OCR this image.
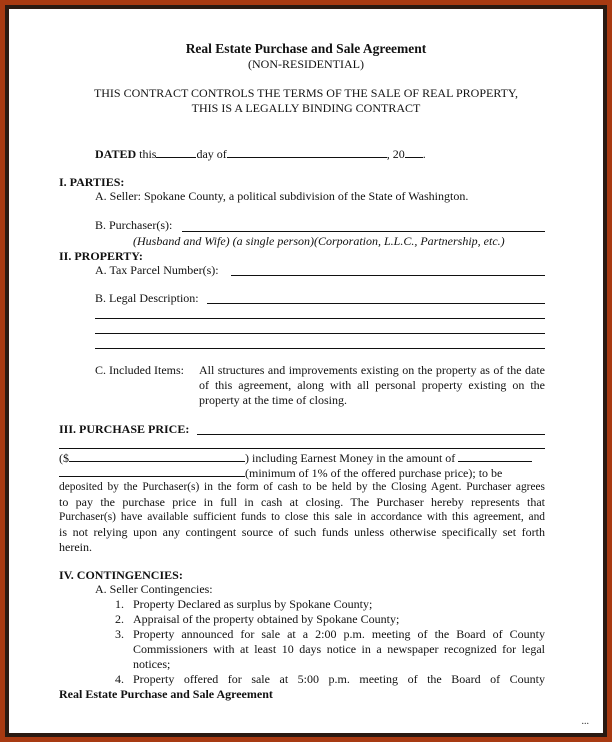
Real Estate Purchase and Sale Agreement
(NON-RESIDENTIAL)
THIS CONTRACT CONTROLS THE TERMS OF THE SALE OF REAL PROPERTY,
THIS IS A LEGALLY BINDING CONTRACT
DATED this	day of	, 20 .
I. PARTIES:
A. Seller: Spokane County, a political subdivision of the State of Washington.
B. Purchaser(s):
(Husband and Wife) (a single person)(Corporation, L.L.C., Partnership, etc.)
II. PROPERTY:
A. Tax Parcel Number(s):
B. Legal Description:
C. Included Items: All structures and improvements existing on the property as of the date
of this agreement, along with all personal property existing on the
property at the time of closing.
III. PURCHASE PRICE:
($	) including Earnest Money in the amount of
(minimum of 1% of the offered purchase price); to be
deposited by the Purchaser(s) in the form of cash to be held by the Closing Agent. Purchaser agrees
to pay the purchase price in full in cash at closing. The Purchaser hereby represents that
Purchaser(s) have available sufficient funds to close this sale in accordance with this agreement, and
is not relying upon any contingent source of such funds unless otherwise specifically set forth
herein.
IV. CONTINGENCIES:
A. Seller Contingencies:
1. Property Declared as surplus by Spokane County;
2. Appraisal of the property obtained by Spokane County;
3. Property announced for sale at a 2:00 p.m. meeting of the Board of County
Commissioners with at least 10 days notice in a newspaper recognized for legal
notices;
4. Property offered for sale at 5:00 p.m. meeting of the Board of County
Real Estate Purchase and Sale Agreement
...
